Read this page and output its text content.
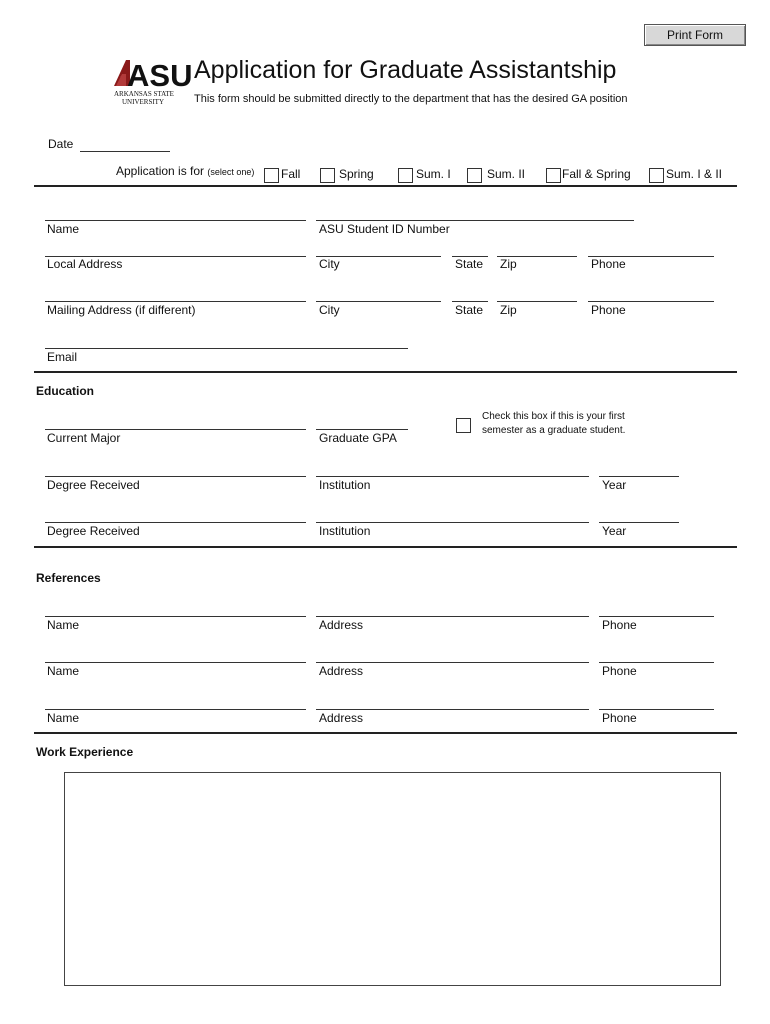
Print Form
ASU
ARKANSAS STATE
UNIVERSITY
Application for Graduate Assistantship
This form should be submitted directly to the department that has the desired GA position
Date
Application is for (select one) Fall	Spring	Sum. I	Sum. II	Fall & Spring	Sum. I & II
Name	ASU Student ID Number
Local Address	City	State Zip	Phone
Mailing Address (if different)	City	State Zip	Phone
Email
Education
Current Major	Graduate GPA
Check this box if this is your first
semester as a graduate student.
Degree Received	Institution	Year
Degree Received	Institution	Year
References
Name	Address	Phone
Name	Address	Phone
Name	Address	Phone
Work Experience
